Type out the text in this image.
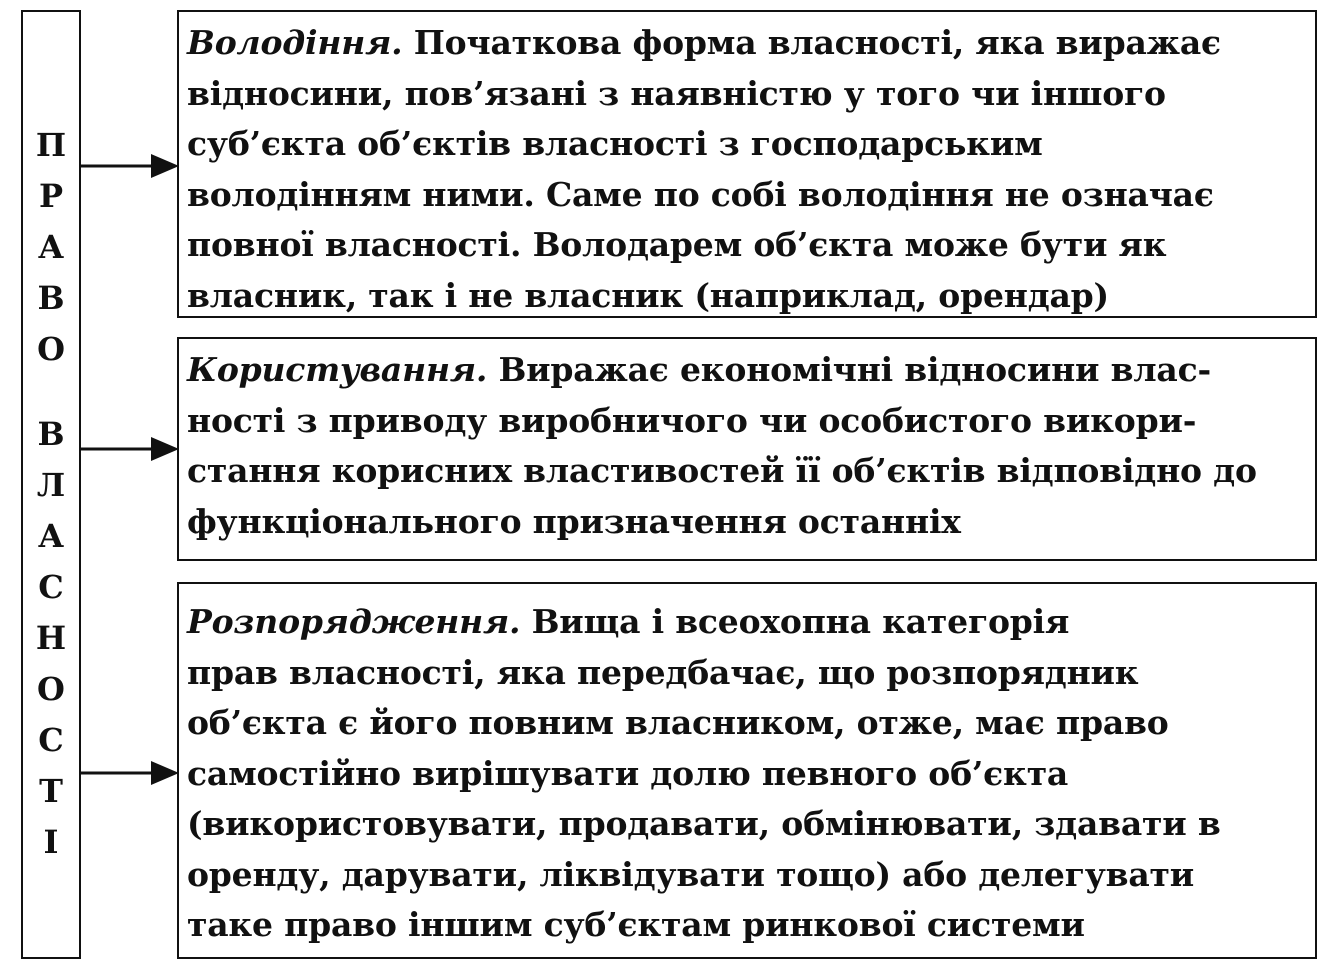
П
Р
А
В
О
В
Л
А
С
Н
О
С
Т
І
Володіння. Початкова форма власності, яка виражає
відносини, пов’язані з наявністю у того чи іншого
суб’єкта об’єктів власності з господарським
володінням ними. Саме по собі володіння не означає
повної власності. Володарем об’єкта може бути як
власник, так і не власник (наприклад, орендар)
Користування. Виражає економічні відносини влас-
ності з приводу виробничого чи особистого викори-
стання корисних властивостей її об’єктів відповідно до
функціонального призначення останніх
Розпорядження. Вища і всеохопна категорія
прав власності, яка передбачає, що розпорядник
об’єкта є його повним власником, отже, має право
самостійно вирішувати долю певного об’єкта
(використовувати, продавати, обмінювати, здавати в
оренду, дарувати, ліквідувати тощо) або делегувати
таке право іншим суб’єктам ринкової системи
